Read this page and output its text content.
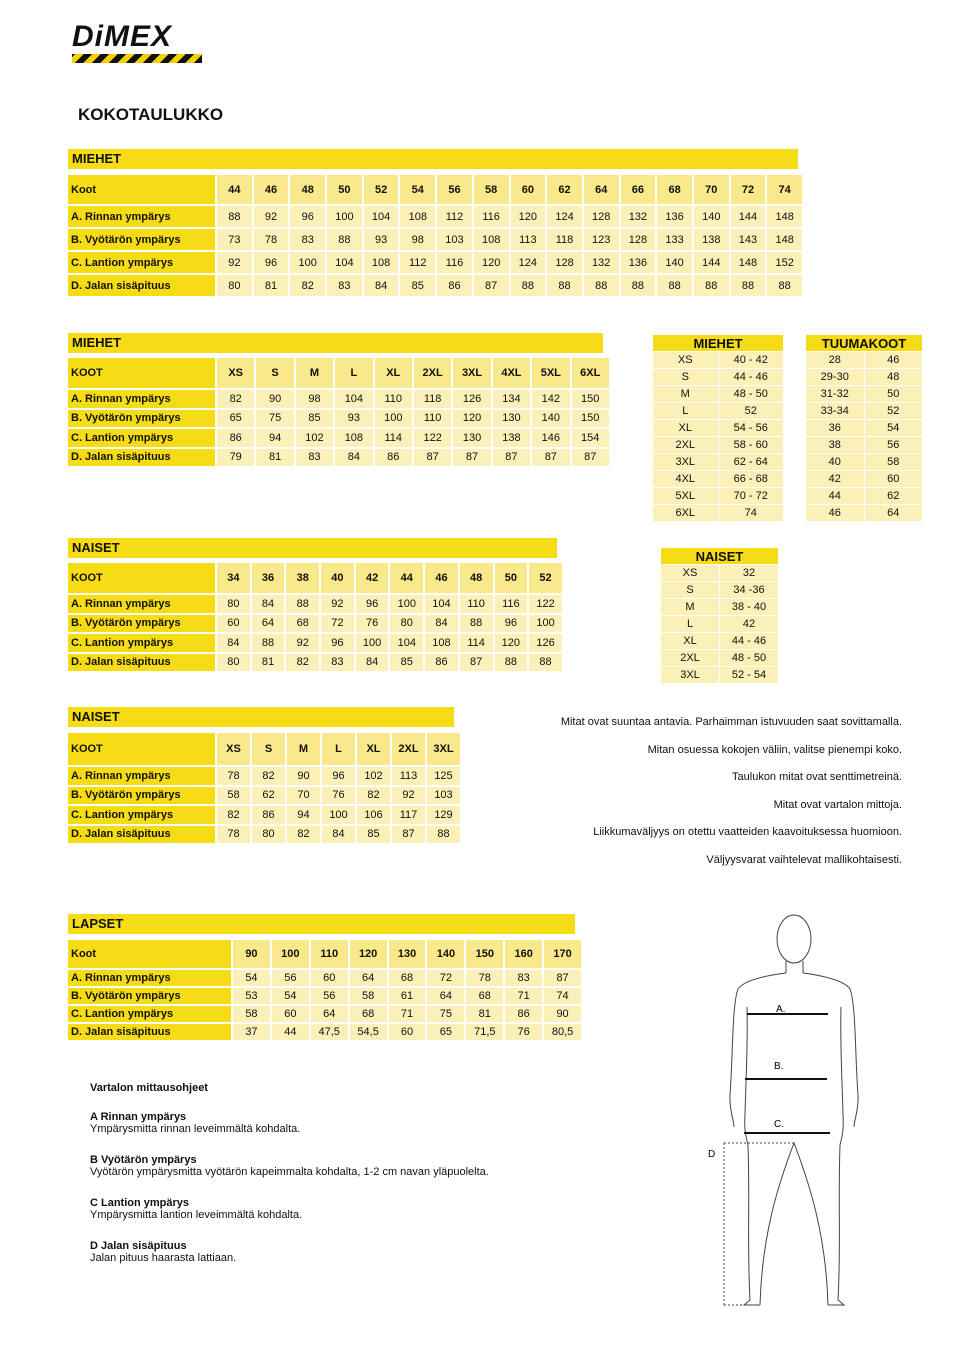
DiMEX
KOKOTAULUKKO
MIEHET
Koot	44	46	48	50	52	54	56	58	60	62	64	66	68	70	72	74
A. Rinnan ympärys	88	92	96	100	104	108	112	116	120	124	128	132	136	140	144	148
B. Vyötärön ympärys	73	78	83	88	93	98	103	108	113	118	123	128	133	138	143	148
C. Lantion ympärys	92	96	100	104	108	112	116	120	124	128	132	136	140	144	148	152
D. Jalan sisäpituus	80	81	82	83	84	85	86	87	88	88	88	88	88	88	88	88
MIEHET
KOOT	XS	S	M	L	XL	2XL	3XL	4XL	5XL	6XL
A. Rinnan ympärys	82	90	98	104	110	118	126	134	142	150
B. Vyötärön ympärys	65	75	85	93	100	110	120	130	140	150
C. Lantion ympärys	86	94	102	108	114	122	130	138	146	154
D. Jalan sisäpituus	79	81	83	84	86	87	87	87	87	87
NAISET
KOOT	34	36	38	40	42	44	46	48	50	52
A. Rinnan ympärys	80	84	88	92	96	100	104	110	116	122
B. Vyötärön ympärys	60	64	68	72	76	80	84	88	96	100
C. Lantion ympärys	84	88	92	96	100	104	108	114	120	126
D. Jalan sisäpituus	80	81	82	83	84	85	86	87	88	88
NAISET
KOOT	XS	S	M	L	XL	2XL	3XL
A. Rinnan ympärys	78	82	90	96	102	113	125
B. Vyötärön ympärys	58	62	70	76	82	92	103
C. Lantion ympärys	82	86	94	100	106	117	129
D. Jalan sisäpituus	78	80	82	84	85	87	88
LAPSET
Koot	90	100	110	120	130	140	150	160	170
A. Rinnan ympärys	54	56	60	64	68	72	78	83	87
B. Vyötärön ympärys	53	54	56	58	61	64	68	71	74
C. Lantion ympärys	58	60	64	68	71	75	81	86	90
D. Jalan sisäpituus	37	44	47,5	54,5	60	65	71,5	76	80,5
MIEHET	
XS	40 - 42
S	44 - 46
M	48 - 50
L	52
XL	54 - 56
2XL	58 - 60
3XL	62 - 64
4XL	66 - 68
5XL	70 - 72
6XL	74
TUUMAKOOT	
28	46
29-30	48
31-32	50
33-34	52
36	54
38	56
40	58
42	60
44	62
46	64
NAISET	
XS	32
S	34 -36
M	38 - 40
L	42
XL	44 - 46
2XL	48 - 50
3XL	52 - 54
Mitat ovat suuntaa antavia. Parhaimman istuvuuden saat sovittamalla.
Mitan osuessa kokojen väliin, valitse pienempi koko.
Taulukon mitat ovat senttimetreinä.
Mitat ovat vartalon mittoja.
Liikkumaväljyys on otettu vaatteiden kaavoituksessa huomioon.
Väljyysvarat vaihtelevat mallikohtaisesti.
A.
B.
C.
D
Vartalon mittausohjeet
A Rinnan ympärys
Ympärysmitta rinnan leveimmältä kohdalta.
B Vyötärön ympärys
Vyötärön ympärysmitta vyötärön kapeimmalta kohdalta, 1-2 cm navan yläpuolelta.
C Lantion ympärys
Ympärysmitta lantion leveimmältä kohdalta.
D Jalan sisäpituus
Jalan pituus haarasta lattiaan.
